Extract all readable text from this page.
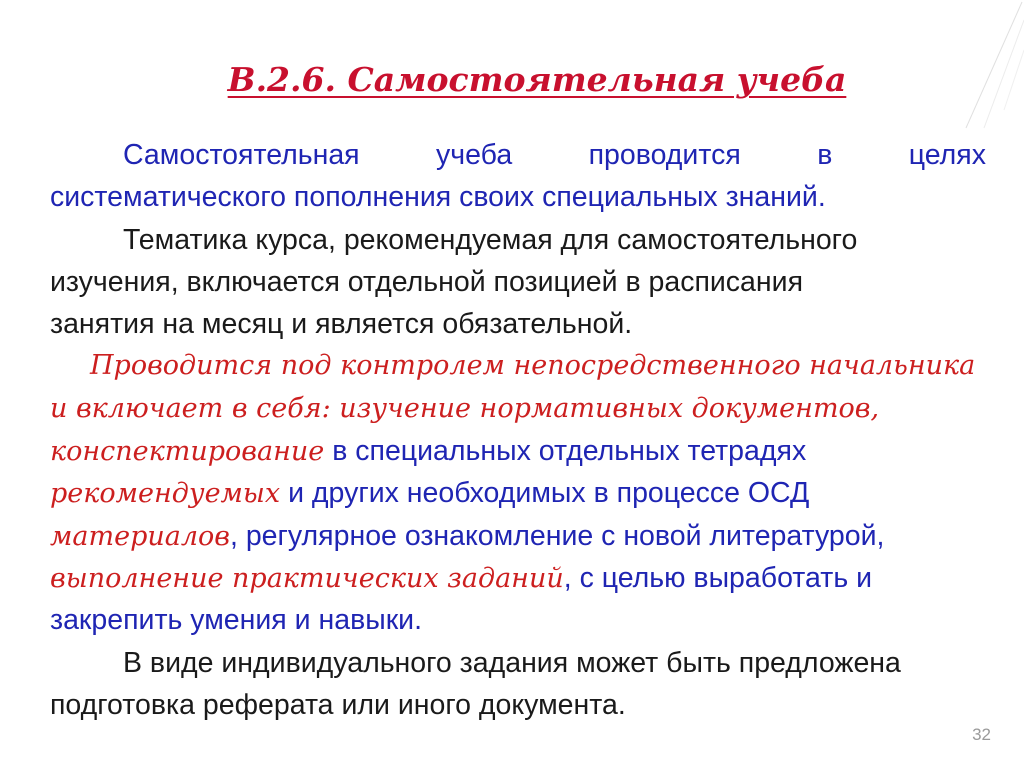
В.2.6. Самостоятельная учеба
Самостоятельная	учеба	проводится	в	целях
систематического пополнения своих специальных знаний.
Тематика курса, рекомендуемая для самостоятельного
изучения, включается отдельной позицией в расписания
занятия на месяц и является обязательной.
Проводится под контролем непосредственного начальника
и включает в себя: изучение нормативных документов,
конспектирование в специальных отдельных тетрадях
рекомендуемых и других необходимых в процессе ОСД
материалов, регулярное ознакомление с новой литературой,
выполнение практических заданий, с целью выработать и
закрепить умения и навыки.
В виде индивидуального задания может быть предложена
подготовка реферата или иного документа.
32
